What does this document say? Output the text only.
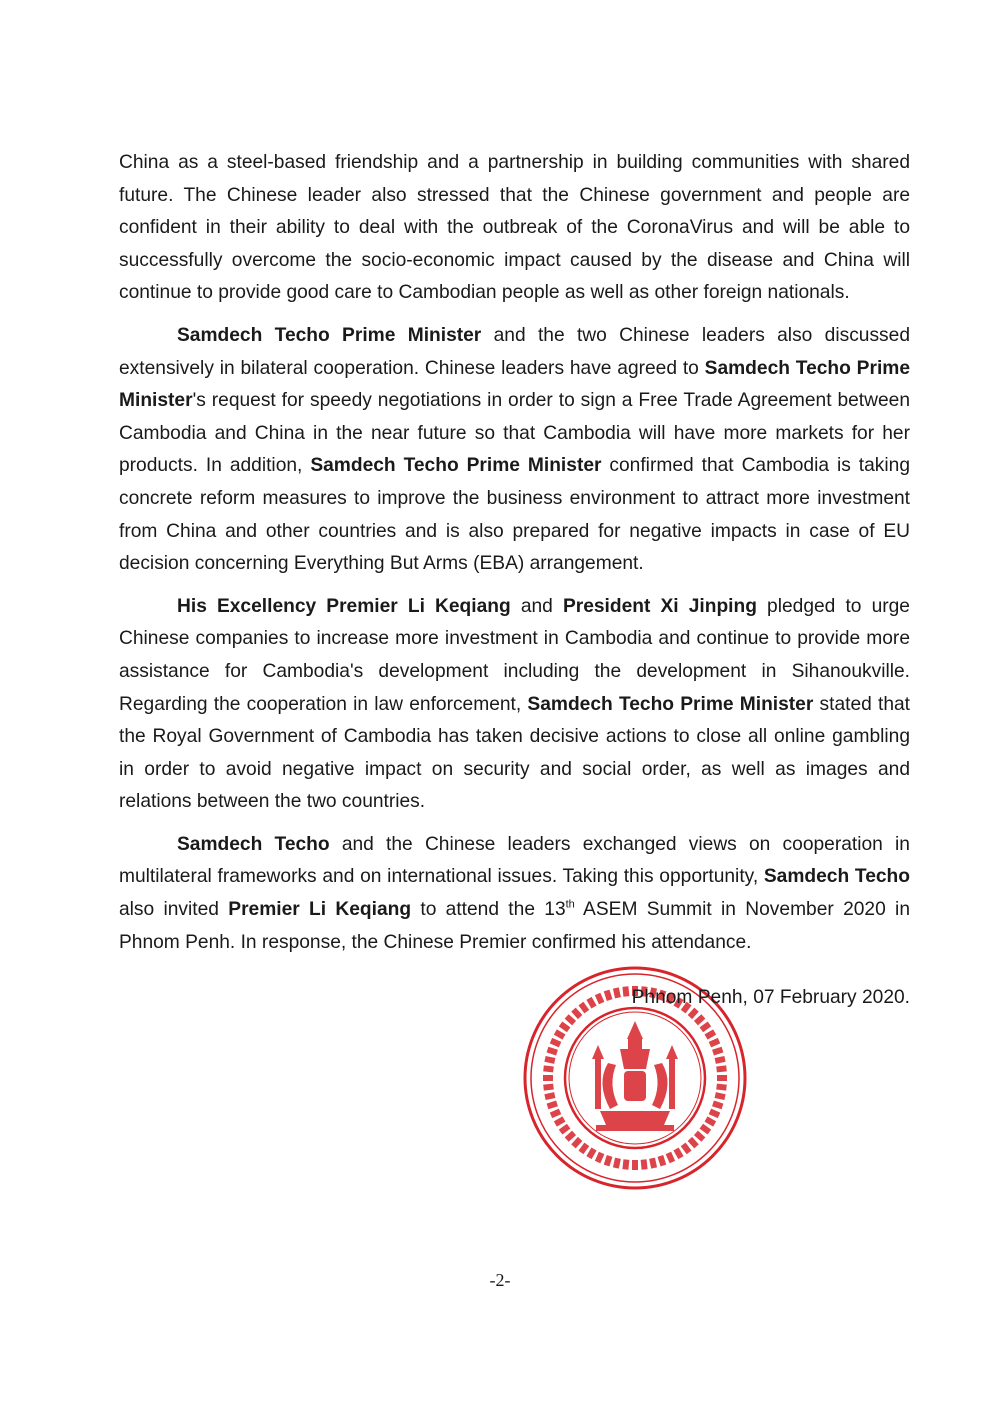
China as a steel-based friendship and a partnership in building communities with shared future. The Chinese leader also stressed that the Chinese government and people are confident in their ability to deal with the outbreak of the CoronaVirus and will be able to successfully overcome the socio-economic impact caused by the disease and China will continue to provide good care to Cambodian people as well as other foreign nationals.

Samdech Techo Prime Minister and the two Chinese leaders also discussed extensively in bilateral cooperation. Chinese leaders have agreed to Samdech Techo Prime Minister's request for speedy negotiations in order to sign a Free Trade Agreement between Cambodia and China in the near future so that Cambodia will have more markets for her products. In addition, Samdech Techo Prime Minister confirmed that Cambodia is taking concrete reform measures to improve the business environment to attract more investment from China and other countries and is also prepared for negative impacts in case of EU decision concerning Everything But Arms (EBA) arrangement.

His Excellency Premier Li Keqiang and President Xi Jinping pledged to urge Chinese companies to increase more investment in Cambodia and continue to provide more assistance for Cambodia's development including the development in Sihanoukville. Regarding the cooperation in law enforcement, Samdech Techo Prime Minister stated that the Royal Government of Cambodia has taken decisive actions to close all online gambling in order to avoid negative impact on security and social order, as well as images and relations between the two countries.

Samdech Techo and the Chinese leaders exchanged views on cooperation in multilateral frameworks and on international issues. Taking this opportunity, Samdech Techo also invited Premier Li Keqiang to attend the 13th ASEM Summit in November 2020 in Phnom Penh. In response, the Chinese Premier confirmed his attendance.

Phnom Penh, 07 February 2020.
-2-
